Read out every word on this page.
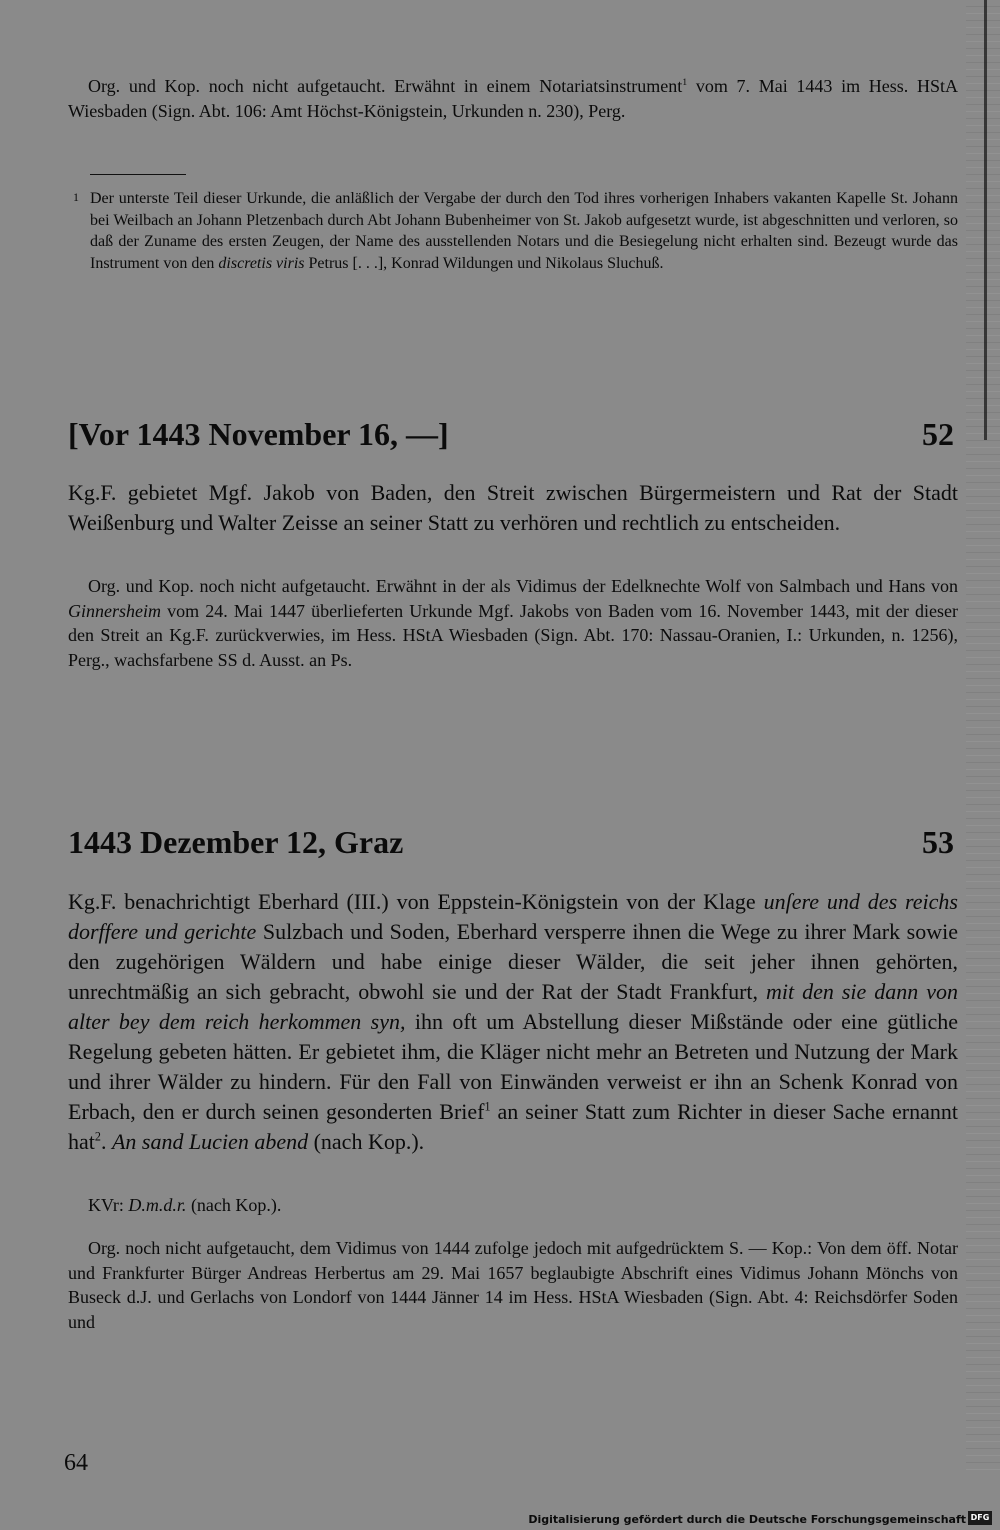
Org. und Kop. noch nicht aufgetaucht. Erwähnt in einem Notariatsinstrument$^1$ vom 7. Mai 1443 im Hess. HStA Wiesbaden (Sign. Abt. 106: Amt Höchst-Königstein, Urkunden n. 230), Perg.

1 Der unterste Teil dieser Urkunde, die anläßlich der Vergabe der durch den Tod ihres vorherigen Inhabers vakanten Kapelle St. Johann bei Weilbach an Johann Pletzenbach durch Abt Johann Bubenheimer von St. Jakob aufgesetzt wurde, ist abgeschnitten und verloren, so daß der Zuname des ersten Zeugen, der Name des ausstellenden Notars und die Besiegelung nicht erhalten sind. Bezeugt wurde das Instrument von den discretis viris Petrus [. . .], Konrad Wildungen und Nikolaus Sluchuß.

[Vor 1443 November 16, —]	52

Kg.F. gebietet Mgf. Jakob von Baden, den Streit zwischen Bürgermeistern und Rat der Stadt Weißenburg und Walter Zeisse an seiner Statt zu verhören und rechtlich zu entscheiden.

Org. und Kop. noch nicht aufgetaucht. Erwähnt in der als Vidimus der Edelknechte Wolf von Salmbach und Hans von Ginnersheim vom 24. Mai 1447 überlieferten Urkunde Mgf. Jakobs von Baden vom 16. November 1443, mit der dieser den Streit an Kg.F. zurückverwies, im Hess. HStA Wiesbaden (Sign. Abt. 170: Nassau-Oranien, I.: Urkunden, n. 1256), Perg., wachsfarbene SS d. Ausst. an Ps.

1443 Dezember 12, Graz	53

Kg.F. benachrichtigt Eberhard (III.) von Eppstein-Königstein von der Klage unſere und des reichs dorffere und gerichte Sulzbach und Soden, Eberhard versperre ihnen die Wege zu ihrer Mark sowie den zugehörigen Wäldern und habe einige dieser Wälder, die seit jeher ihnen gehörten, unrechtmäßig an sich gebracht, obwohl sie und der Rat der Stadt Frankfurt, mit den sie dann von alter bey dem reich herkommen syn, ihn oft um Abstellung dieser Mißstände oder eine gütliche Regelung gebeten hätten. Er gebietet ihm, die Kläger nicht mehr an Betreten und Nutzung der Mark und ihrer Wälder zu hindern. Für den Fall von Einwänden verweist er ihn an Schenk Konrad von Erbach, den er durch seinen gesonderten Brief$^1$ an seiner Statt zum Richter in dieser Sache ernannt hat$^2$. An sand Lucien abend (nach Kop.).

KVr: D.m.d.r. (nach Kop.).

Org. noch nicht aufgetaucht, dem Vidimus von 1444 zufolge jedoch mit aufgedrücktem S. — Kop.: Von dem öff. Notar und Frankfurter Bürger Andreas Herbertus am 29. Mai 1657 beglaubigte Abschrift eines Vidimus Johann Mönchs von Buseck d.J. und Gerlachs von Londorf von 1444 Jänner 14 im Hess. HStA Wiesbaden (Sign. Abt. 4: Reichsdörfer Soden und

64
Digitalisierung gefördert durch die Deutsche Forschungsgemeinschaft DFG
